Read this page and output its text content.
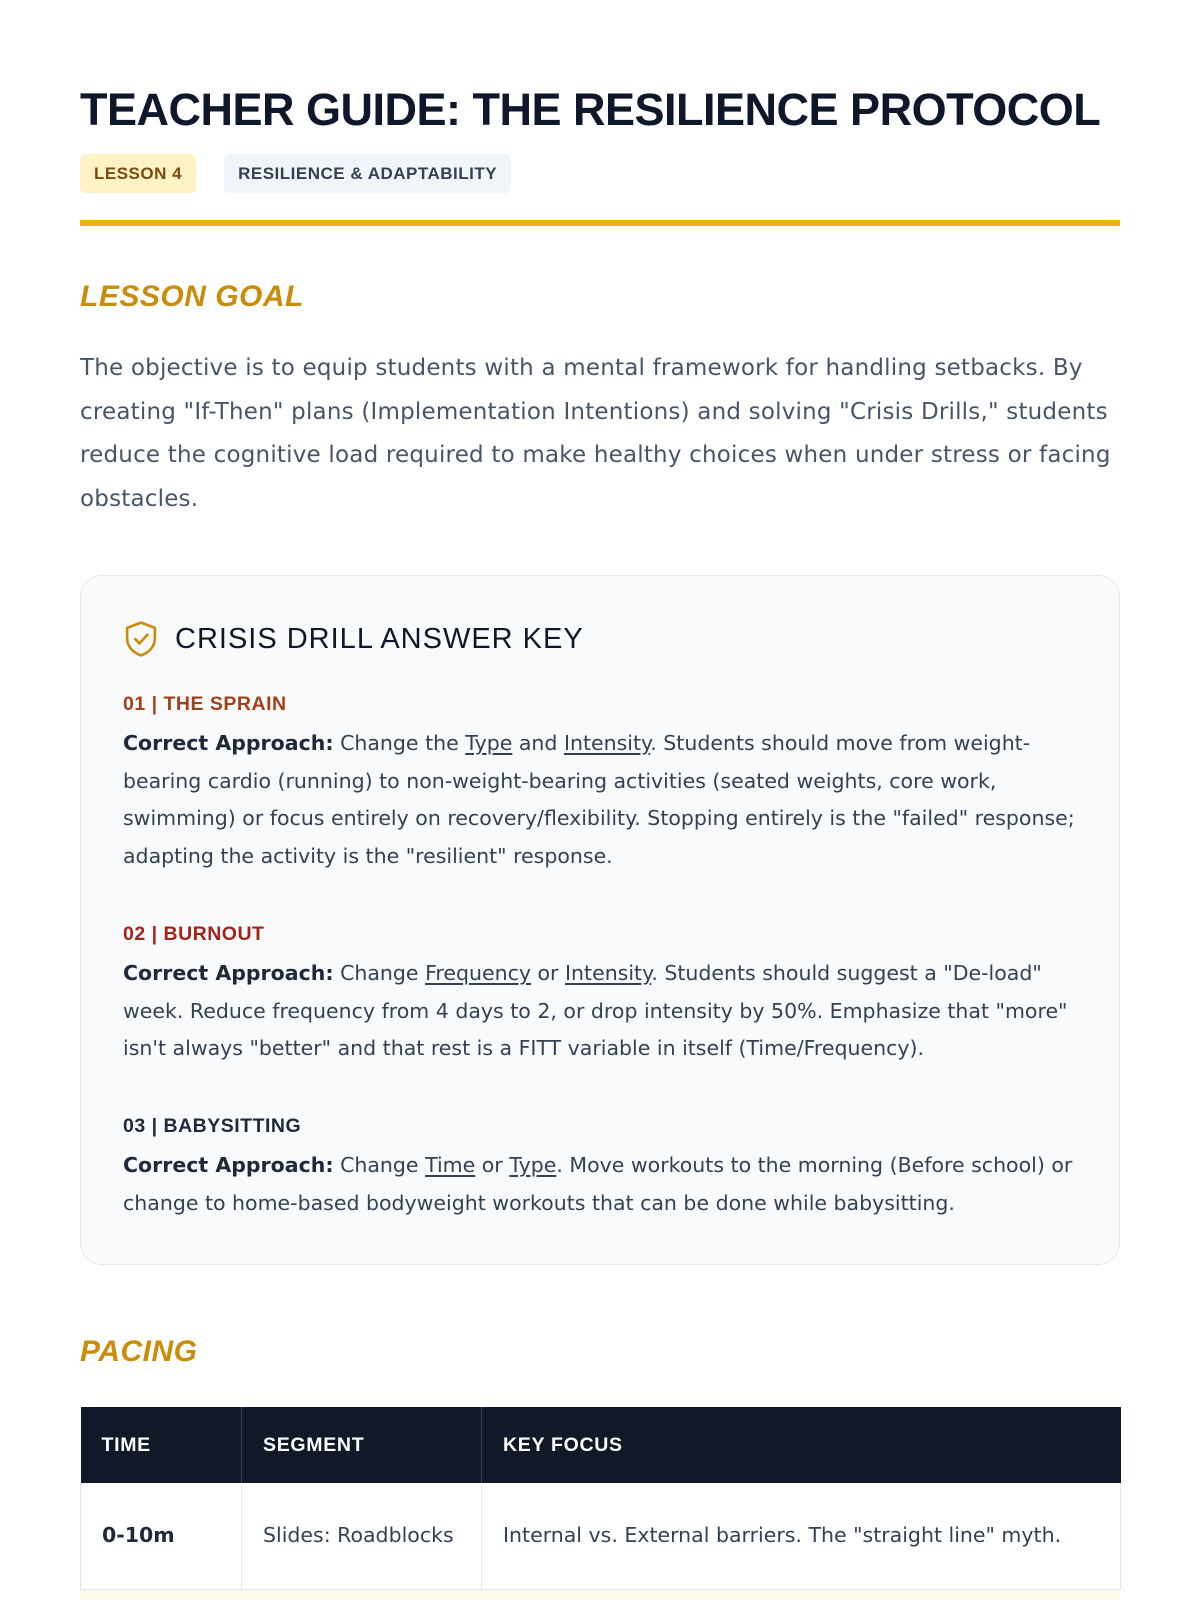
TEACHER GUIDE: THE RESILIENCE PROTOCOL
LESSON 4	RESILIENCE & ADAPTABILITY
LESSON GOAL

The objective is to equip students with a mental framework for handling setbacks. By creating "If-Then" plans (Implementation Intentions) and solving "Crisis Drills," students reduce the cognitive load required to make healthy choices when under stress or facing obstacles.

CRISIS DRILL ANSWER KEY
01 | THE SPRAIN

Correct Approach: Change the Type and Intensity. Students should move from weight-bearing cardio (running) to non-weight-bearing activities (seated weights, core work, swimming) or focus entirely on recovery/flexibility. Stopping entirely is the "failed" response; adapting the activity is the "resilient" response.

02 | BURNOUT

Correct Approach: Change Frequency or Intensity. Students should suggest a "De-load" week. Reduce frequency from 4 days to 2, or drop intensity by 50%. Emphasize that "more" isn't always "better" and that rest is a FITT variable in itself (Time/Frequency).

03 | BABYSITTING

Correct Approach: Change Time or Type. Move workouts to the morning (Before school) or change to home-based bodyweight workouts that can be done while babysitting.

PACING
TIME	SEGMENT	KEY FOCUS
0-10m	Slides: Roadblocks	Internal vs. External barriers. The "straight line" myth.
